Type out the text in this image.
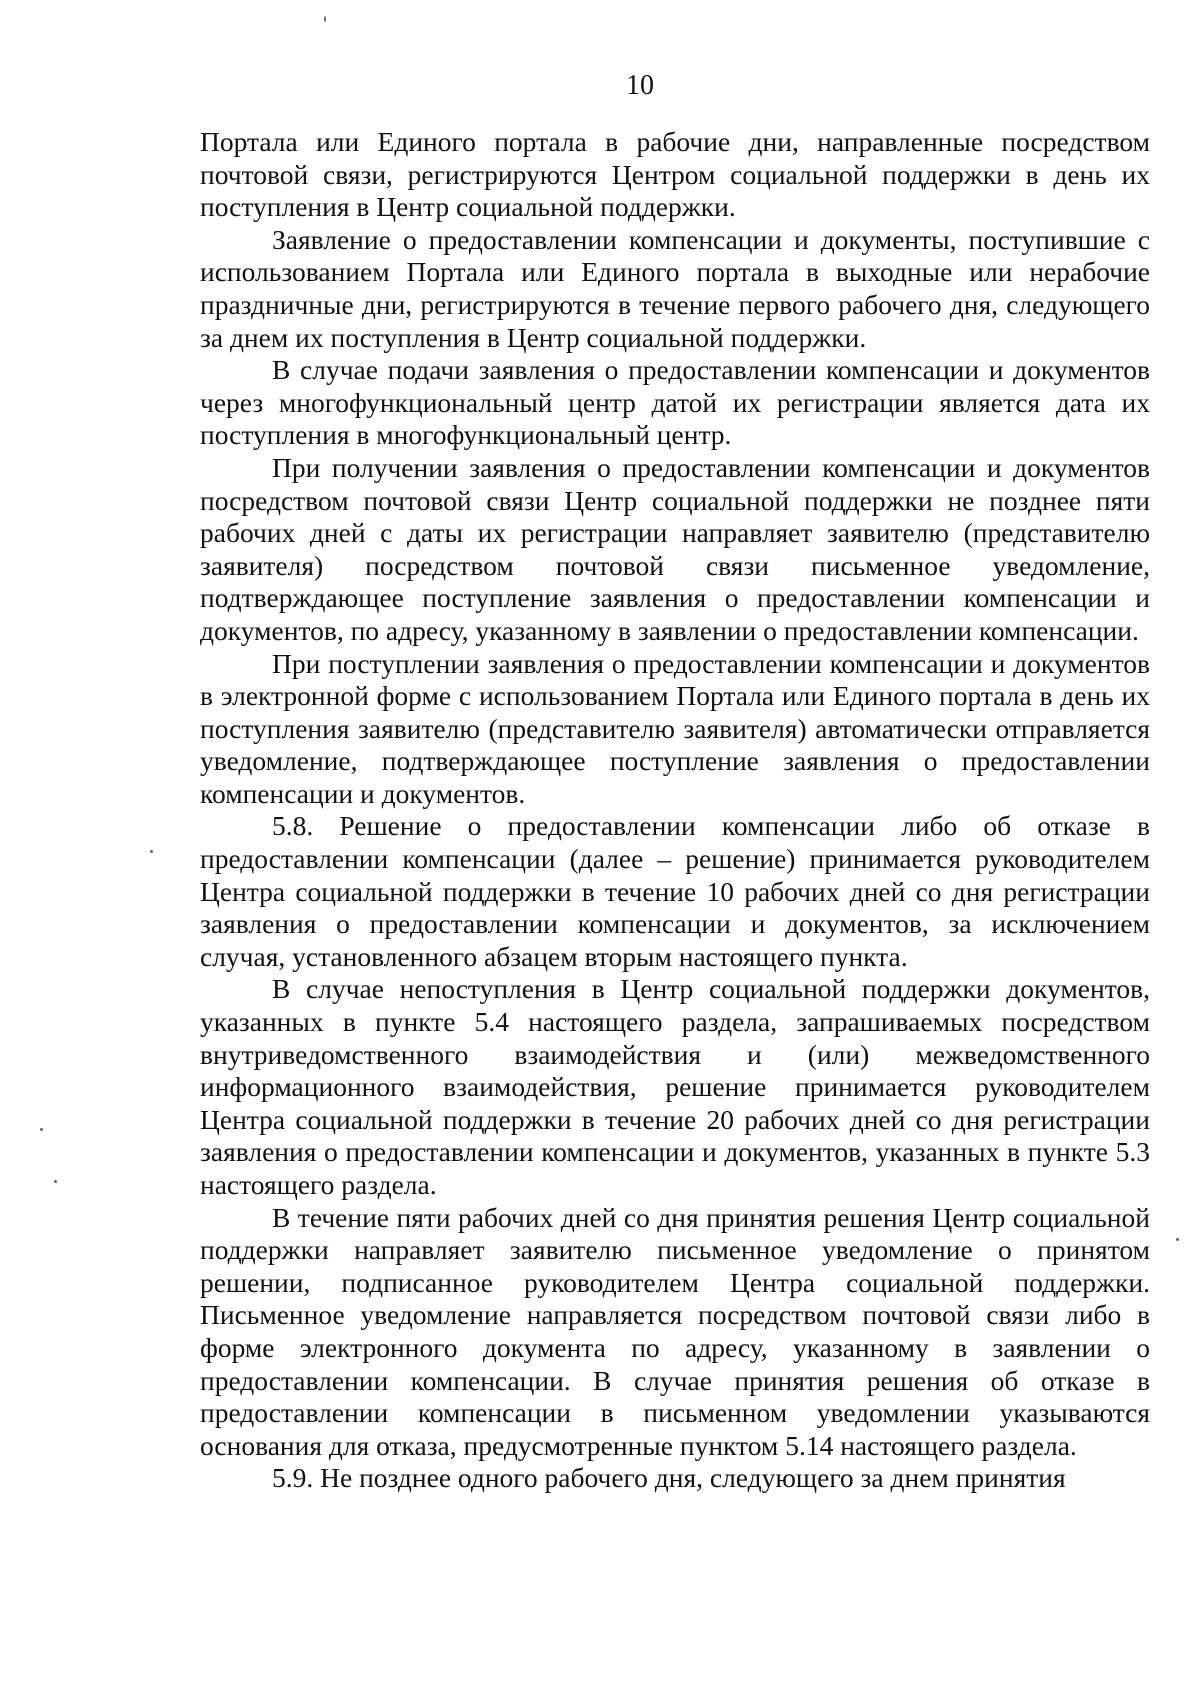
10

Портала или Единого портала в рабочие дни, направленные посредством почтовой связи, регистрируются Центром социальной поддержки в день их поступления в Центр социальной поддержки.

Заявление о предоставлении компенсации и документы, поступившие с использованием Портала или Единого портала в выходные или нерабочие праздничные дни, регистрируются в течение первого рабочего дня, следующего за днем их поступления в Центр социальной поддержки.

В случае подачи заявления о предоставлении компенсации и документов через многофункциональный центр датой их регистрации является дата их поступления в многофункциональный центр.

При получении заявления о предоставлении компенсации и документов посредством почтовой связи Центр социальной поддержки не позднее пяти рабочих дней с даты их регистрации направляет заявителю (представителю заявителя) посредством почтовой связи письменное уведомление, подтверждающее поступление заявления о предоставлении компенсации и документов, по адресу, указанному в заявлении о предоставлении компенсации.

При поступлении заявления о предоставлении компенсации и документов в электронной форме с использованием Портала или Единого портала в день их поступления заявителю (представителю заявителя) автоматически отправляется уведомление, подтверждающее поступление заявления о предоставлении компенсации и документов.

5.8. Решение о предоставлении компенсации либо об отказе в предоставлении компенсации (далее – решение) принимается руководителем Центра социальной поддержки в течение 10 рабочих дней со дня регистрации заявления о предоставлении компенсации и документов, за исключением случая, установленного абзацем вторым настоящего пункта.

В случае непоступления в Центр социальной поддержки документов, указанных в пункте 5.4 настоящего раздела, запрашиваемых посредством внутриведомственного взаимодействия и (или) межведомственного информационного взаимодействия, решение принимается руководителем Центра социальной поддержки в течение 20 рабочих дней со дня регистрации заявления о предоставлении компенсации и документов, указанных в пункте 5.3 настоящего раздела.

В течение пяти рабочих дней со дня принятия решения Центр социальной поддержки направляет заявителю письменное уведомление о принятом решении, подписанное руководителем Центра социальной поддержки. Письменное уведомление направляется посредством почтовой связи либо в форме электронного документа по адресу, указанному в заявлении о предоставлении компенсации. В случае принятия решения об отказе в предоставлении компенсации в письменном уведомлении указываются основания для отказа, предусмотренные пунктом 5.14 настоящего раздела.

5.9. Не позднее одного рабочего дня, следующего за днем принятия
